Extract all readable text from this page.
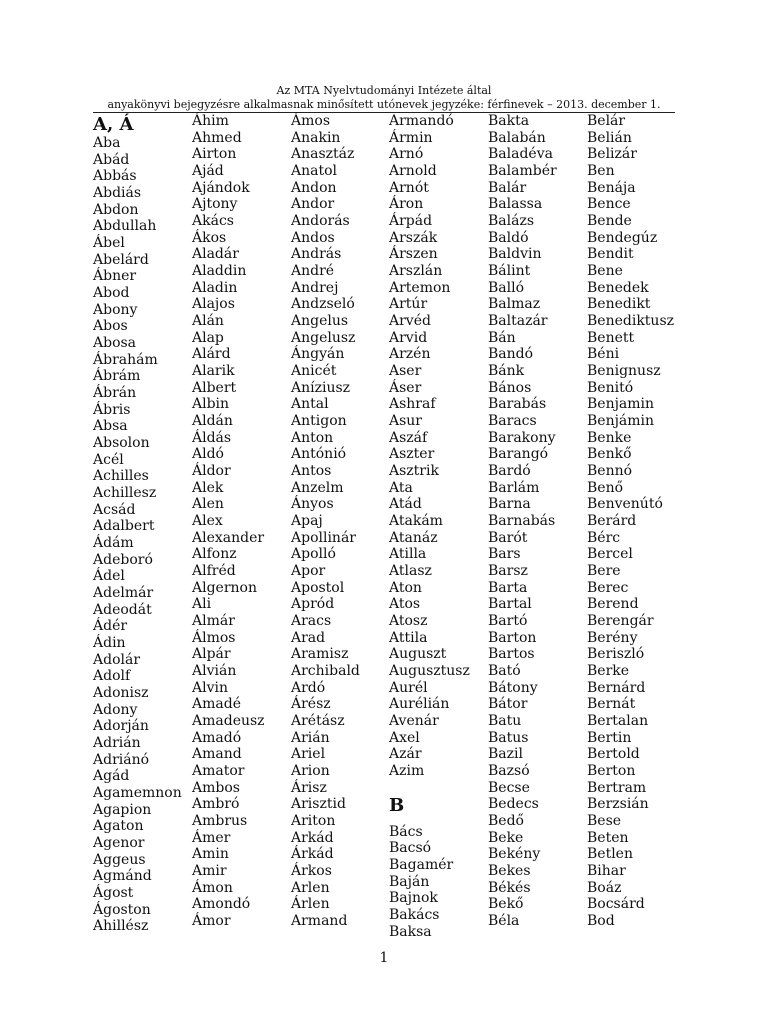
Az MTA Nyelvtudományi Intézete által
anyakönyvi bejegyzésre alkalmasnak minősített utónevek jegyzéke: férfinevek – 2013. december 1.
A, Á
Aba
Abád
Abbás
Abdiás
Abdon
Abdullah
Ábel
Abelárd
Ábner
Abod
Abony
Abos
Abosa
Ábrahám
Ábrám
Ábrán
Ábris
Absa
Absolon
Acél
Achilles
Achillesz
Acsád
Adalbert
Ádám
Adeboró
Ádel
Adelmár
Adeodát
Ádér
Ádin
Adolár
Adolf
Adonisz
Adony
Adorján
Adrián
Adriánó
Agád
Agamemnon
Agapion
Agaton
Agenor
Aggeus
Agmánd
Ágost
Ágoston
Ahillész
Áhim
Ahmed
Airton
Ajád
Ajándok
Ajtony
Akács
Ákos
Aladár
Aladdin
Aladin
Alajos
Alán
Alap
Alárd
Alarik
Albert
Albin
Aldán
Áldás
Aldó
Áldor
Alek
Alen
Alex
Alexander
Alfonz
Alfréd
Algernon
Ali
Almár
Álmos
Alpár
Alvián
Alvin
Amadé
Amadeusz
Amadó
Amand
Amator
Ambos
Ambró
Ambrus
Ámer
Amin
Amir
Ámon
Amondó
Ámor
Ámos
Anakin
Anasztáz
Anatol
Andon
Andor
Andorás
Andos
András
André
Andrej
Andzseló
Angelus
Angelusz
Ángyán
Anicét
Aníziusz
Antal
Antigon
Anton
Antónió
Antos
Anzelm
Ányos
Apaj
Apollinár
Apolló
Apor
Apostol
Apród
Aracs
Arad
Aramisz
Archibald
Ardó
Árész
Arétász
Arián
Ariel
Arion
Árisz
Arisztid
Ariton
Arkád
Árkád
Árkos
Arlen
Árlen
Armand
Armandó
Ármin
Arnó
Arnold
Arnót
Áron
Árpád
Arszák
Árszen
Arszlán
Artemon
Artúr
Arvéd
Arvid
Arzén
Aser
Áser
Ashraf
Asur
Aszáf
Aszter
Asztrik
Ata
Atád
Atakám
Atanáz
Atilla
Atlasz
Aton
Atos
Atosz
Attila
Auguszt
Augusztusz
Aurél
Aurélián
Avenár
Axel
Azár
Azim
B
Bács
Bacsó
Bagamér
Baján
Bajnok
Bakács
Baksa
Bakta
Balabán
Baladéva
Balambér
Balár
Balassa
Balázs
Baldó
Baldvin
Bálint
Balló
Balmaz
Baltazár
Bán
Bandó
Bánk
Bános
Barabás
Baracs
Barakony
Barangó
Bardó
Barlám
Barna
Barnabás
Barót
Bars
Barsz
Barta
Bartal
Bartó
Barton
Bartos
Bató
Bátony
Bátor
Batu
Batus
Bazil
Bazsó
Becse
Bedecs
Bedő
Beke
Bekény
Bekes
Békés
Bekő
Béla
Belár
Belián
Belizár
Ben
Benája
Bence
Bende
Bendegúz
Bendit
Bene
Benedek
Benedikt
Benediktusz
Benett
Béni
Benignusz
Benitó
Benjamin
Benjámin
Benke
Benkő
Bennó
Benő
Benvenútó
Berárd
Bérc
Bercel
Bere
Berec
Berend
Berengár
Berény
Beriszló
Berke
Bernárd
Bernát
Bertalan
Bertin
Bertold
Berton
Bertram
Berzsián
Bese
Beten
Betlen
Bihar
Boáz
Bocsárd
Bod
1
